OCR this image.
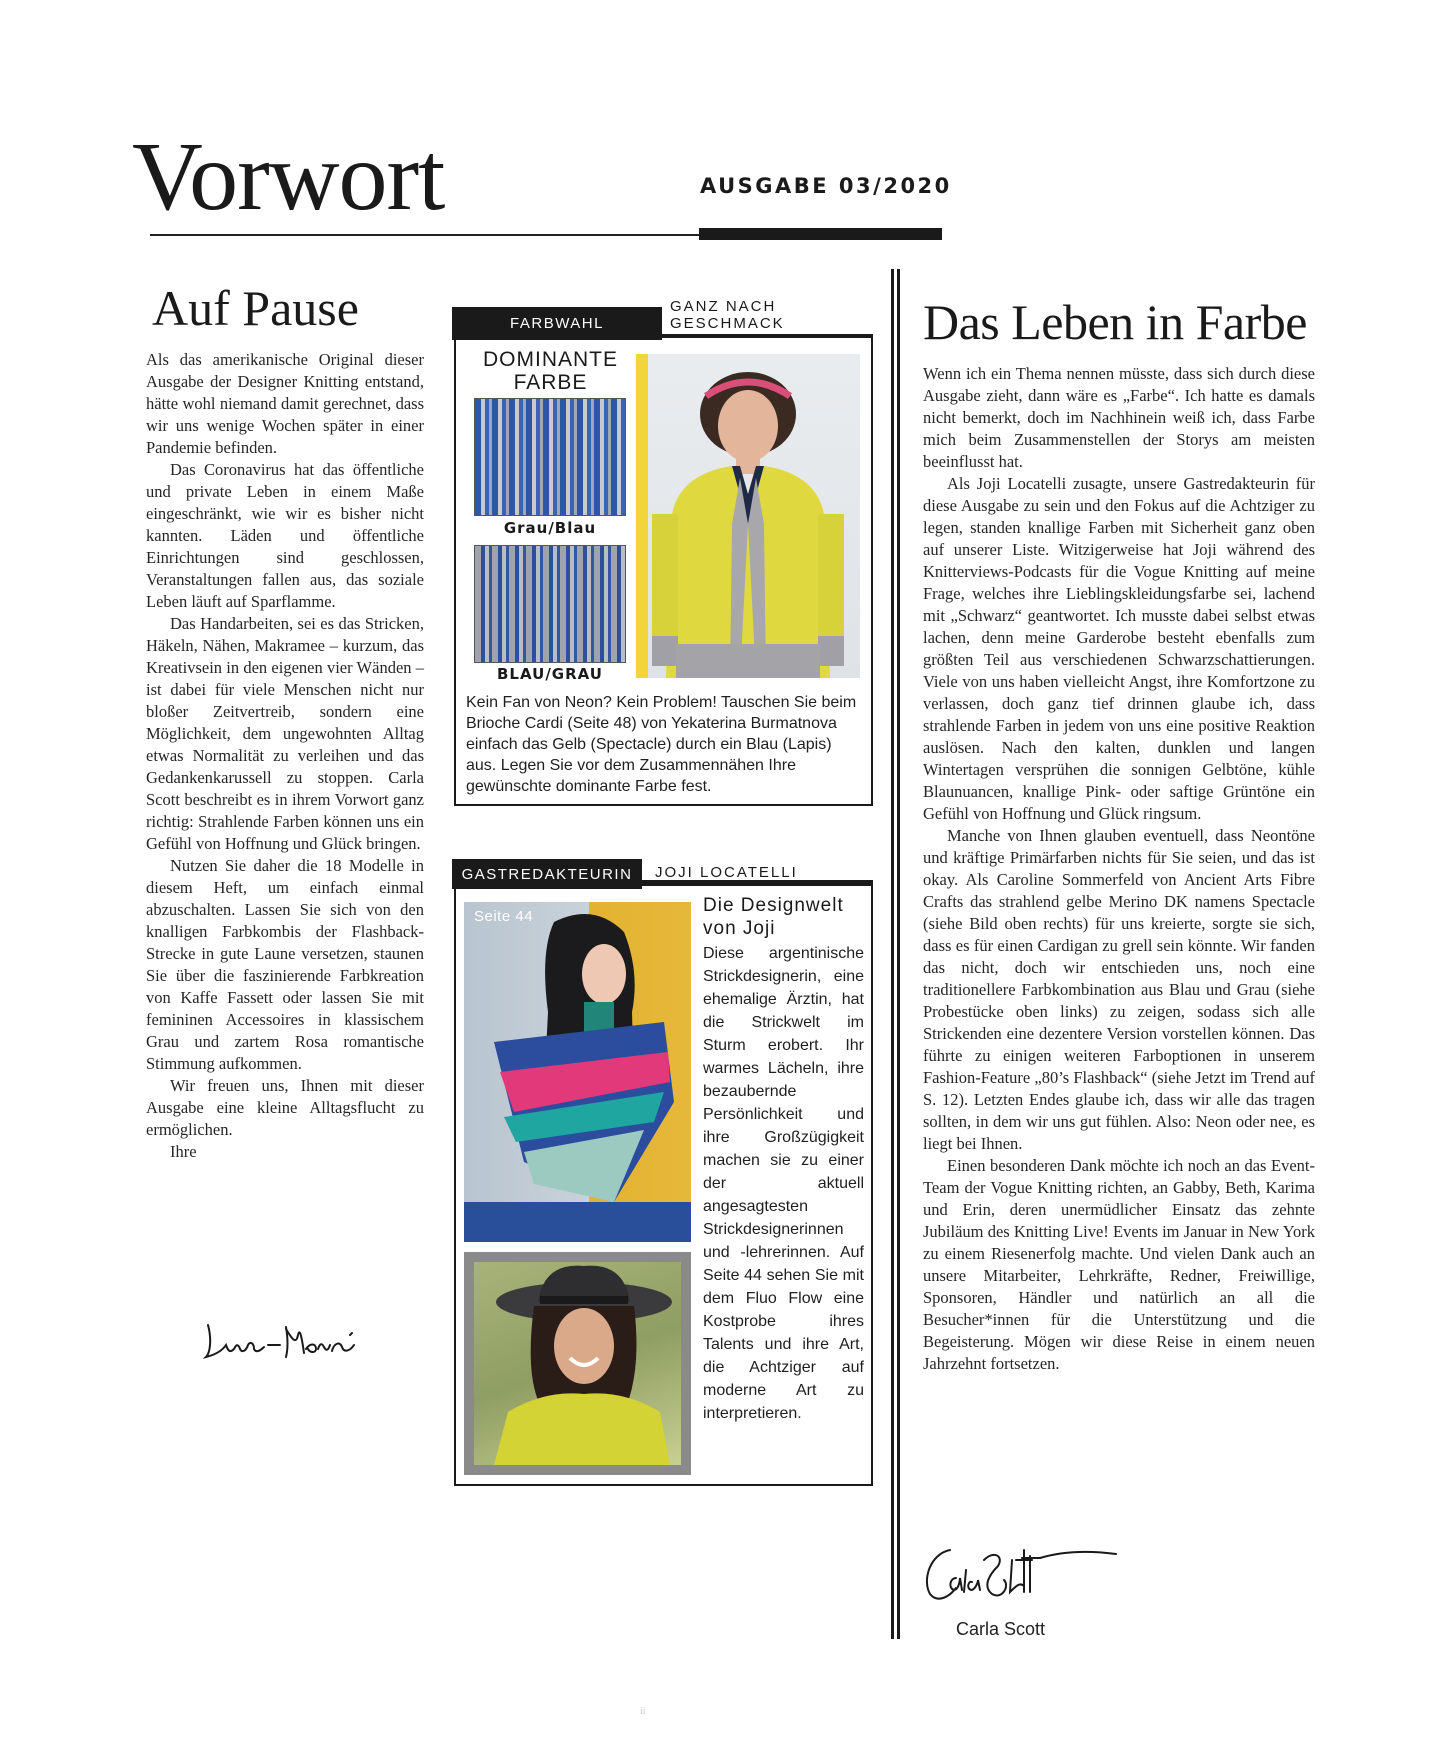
Vorwort	AUSGABE 03/2020
Auf Pause

Als das amerikanische Original dieser Ausgabe der Designer Knitting entstand, hätte wohl niemand damit gerechnet, dass wir uns wenige Wochen später in einer Pandemie befinden.

Das Coronavirus hat das öffentliche und private Leben in einem Maße eingeschränkt, wie wir es bisher nicht kannten. Läden und öffentliche Einrichtungen sind geschlossen, Veranstaltungen fallen aus, das soziale Leben läuft auf Sparflamme.

Das Handarbeiten, sei es das Stricken, Häkeln, Nähen, Makramee – kurzum, das Kreativsein in den eigenen vier Wänden – ist dabei für viele Menschen nicht nur bloßer Zeitvertreib, sondern eine Möglichkeit, dem ungewohnten Alltag etwas Normalität zu verleihen und das Gedankenkarussell zu stoppen. Carla Scott beschreibt es in ihrem Vorwort ganz richtig: Strahlende Farben können uns ein Gefühl von Hoffnung und Glück bringen.

Nutzen Sie daher die 18 Modelle in diesem Heft, um einfach einmal abzuschalten. Lassen Sie sich von den knalligen Farbkombis der Flashback-Strecke in gute Laune versetzen, staunen Sie über die faszinierende Farbkreation von Kaffe Fassett oder lassen Sie mit femininen Accessoires in klassischem Grau und zartem Rosa romantische Stimmung aufkommen.

Wir freuen uns, Ihnen mit dieser Ausgabe eine kleine Alltagsflucht zu ermöglichen.

Ihre

FARBWAHL
GANZ NACH
GESCHMACK
DOMINANTE
FARBE
Grau/Blau
BLAU/GRAU
Kein Fan von Neon? Kein Problem! Tauschen Sie beim Brioche Cardi (Seite 48) von Yekaterina Burmatnova einfach das Gelb (Spectacle) durch ein Blau (Lapis) aus. Legen Sie vor dem Zusammennähen Ihre gewünschte dominante Farbe fest.
GASTREDAKTEURIN	JOJI LOCATELLI
Seite 44
Die Designwelt
von Joji
Diese argentinische Strickdesignerin, eine ehemalige Ärztin, hat die Strickwelt im Sturm erobert. Ihr warmes Lächeln, ihre bezaubernde Persönlichkeit und ihre Großzügigkeit machen sie zu einer der aktuell angesagtesten Strickdesignerinnen und -lehrerinnen. Auf Seite 44 sehen Sie mit dem Fluo Flow eine Kostprobe ihres Talents und ihre Art, die Achtziger auf moderne Art zu interpretieren.
Das Leben in Farbe

Wenn ich ein Thema nennen müsste, dass sich durch diese Ausgabe zieht, dann wäre es „Farbe“. Ich hatte es damals nicht bemerkt, doch im Nachhinein weiß ich, dass Farbe mich beim Zusammenstellen der Storys am meisten beeinflusst hat.

Als Joji Locatelli zusagte, unsere Gastredakteurin für diese Ausgabe zu sein und den Fokus auf die Achtziger zu legen, standen knallige Farben mit Sicherheit ganz oben auf unserer Liste. Witzigerweise hat Joji während des Knitterviews-Podcasts für die Vogue Knitting auf meine Frage, welches ihre Lieblingskleidungsfarbe sei, lachend mit „Schwarz“ geantwortet. Ich musste dabei selbst etwas lachen, denn meine Garderobe besteht ebenfalls zum größten Teil aus verschiedenen Schwarzschattierungen. Viele von uns haben vielleicht Angst, ihre Komfortzone zu verlassen, doch ganz tief drinnen glaube ich, dass strahlende Farben in jedem von uns eine positive Reaktion auslösen. Nach den kalten, dunklen und langen Wintertagen versprühen die sonnigen Gelbtöne, kühle Blaunuancen, knallige Pink- oder saftige Grüntöne ein Gefühl von Hoffnung und Glück ringsum.

Manche von Ihnen glauben eventuell, dass Neontöne und kräftige Primärfarben nichts für Sie seien, und das ist okay. Als Caroline Sommerfeld von Ancient Arts Fibre Crafts das strahlend gelbe Merino DK namens Spectacle (siehe Bild oben rechts) für uns kreierte, sorgte sie sich, dass es für einen Cardigan zu grell sein könnte. Wir fanden das nicht, doch wir entschieden uns, noch eine traditionellere Farbkombination aus Blau und Grau (siehe Probestücke oben links) zu zeigen, sodass sich alle Strickenden eine dezentere Version vorstellen können. Das führte zu einigen weiteren Farboptionen in unserem Fashion-Feature „80’s Flashback“ (siehe Jetzt im Trend auf S. 12). Letzten Endes glaube ich, dass wir alle das tragen sollten, in dem wir uns gut fühlen. Also: Neon oder nee, es liegt bei Ihnen.

Einen besonderen Dank möchte ich noch an das Event-Team der Vogue Knitting richten, an Gabby, Beth, Karima und Erin, deren unermüdlicher Einsatz das zehnte Jubiläum des Knitting Live! Events im Januar in New York zu einem Riesenerfolg machte. Und vielen Dank auch an unsere Mitarbeiter, Lehrkräfte, Redner, Freiwillige, Sponsoren, Händler und natürlich an all die Besucher*innen für die Unterstützung und die Begeisterung. Mögen wir diese Reise in einem neuen Jahrzehnt fortsetzen.

Carla Scott
ii
